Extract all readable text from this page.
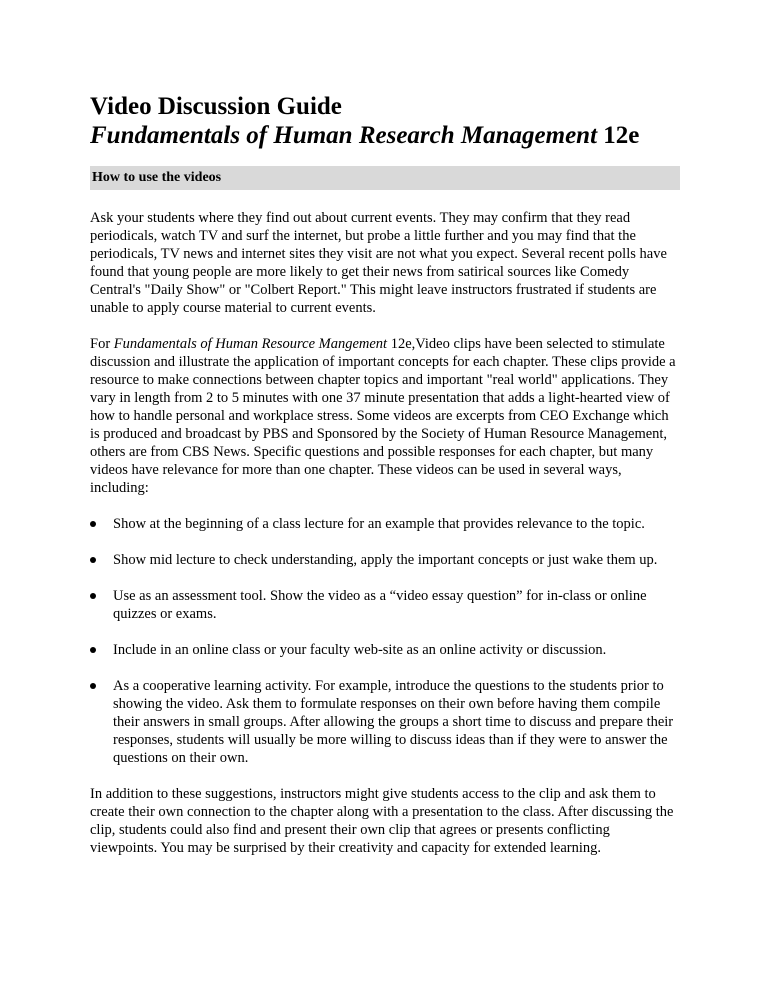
Video Discussion Guide
Fundamentals of Human Research Management 12e
How to use the videos

Ask your students where they find out about current events. They may confirm that they read periodicals, watch TV and surf the internet, but probe a little further and you may find that the periodicals, TV news and internet sites they visit are not what you expect. Several recent polls have found that young people are more likely to get their news from satirical sources like Comedy Central's "Daily Show" or "Colbert Report." This might leave instructors frustrated if students are unable to apply course material to current events.

For Fundamentals of Human Resource Mangement 12e,Video clips have been selected to stimulate discussion and illustrate the application of important concepts for each chapter. These clips provide a resource to make connections between chapter topics and important "real world" applications. They vary in length from 2 to 5 minutes with one 37 minute presentation that adds a light-hearted view of how to handle personal and workplace stress. Some videos are excerpts from CEO Exchange which is produced and broadcast by PBS and Sponsored by the Society of Human Resource Management, others are from CBS News. Specific questions and possible responses for each chapter, but many videos have relevance for more than one chapter. These videos can be used in several ways, including:

Show at the beginning of a class lecture for an example that provides relevance to the topic.
Show mid lecture to check understanding, apply the important concepts or just wake them up.
Use as an assessment tool. Show the video as a “video essay question” for in-class or online quizzes or exams.
Include in an online class or your faculty web-site as an online activity or discussion.
As a cooperative learning activity. For example, introduce the questions to the students prior to showing the video. Ask them to formulate responses on their own before having them compile their answers in small groups. After allowing the groups a short time to discuss and prepare their responses, students will usually be more willing to discuss ideas than if they were to answer the questions on their own.

In addition to these suggestions, instructors might give students access to the clip and ask them to create their own connection to the chapter along with a presentation to the class. After discussing the clip, students could also find and present their own clip that agrees or presents conflicting viewpoints. You may be surprised by their creativity and capacity for extended learning.
